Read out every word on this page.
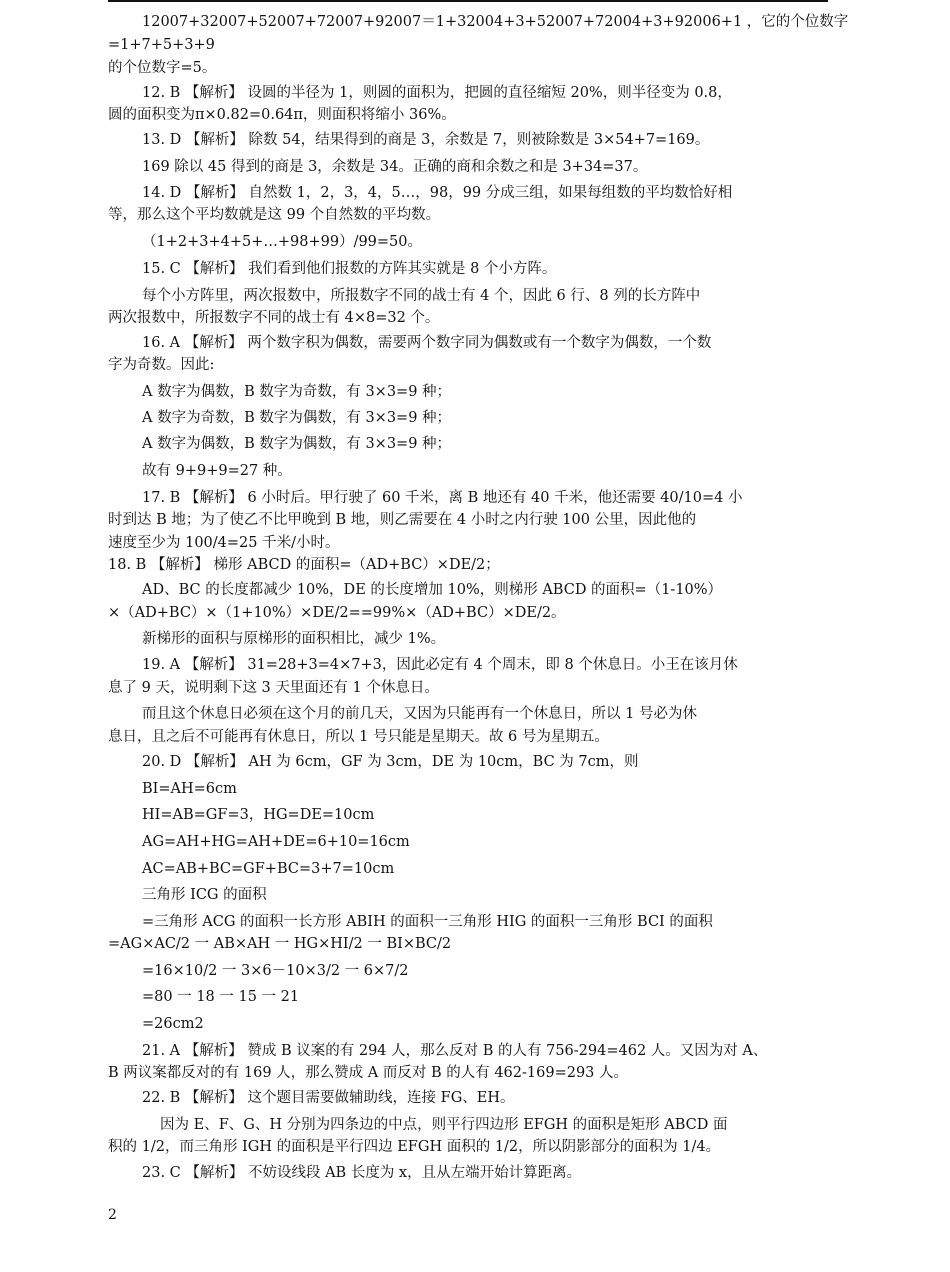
12007+32007+52007+72007+92007＝1+32004+3+52007+72004+3+92006+1 ，它的个位数字
=1+7+5+3+9
的个位数字=5。
12. B 【解析】 设圆的半径为 1，则圆的面积为，把圆的直径缩短 20%，则半径变为 0.8，
圆的面积变为π×0.82=0.64π，则面积将缩小 36%。
13. D 【解析】 除数 54，结果得到的商是 3，余数是 7，则被除数是 3×54+7=169。
169 除以 45 得到的商是 3，余数是 34。正确的商和余数之和是 3+34=37。
14. D 【解析】 自然数 1，2，3，4，5…，98，99 分成三组，如果每组数的平均数恰好相
等，那么这个平均数就是这 99 个自然数的平均数。
（1+2+3+4+5+…+98+99）/99=50。
15. C 【解析】 我们看到他们报数的方阵其实就是 8 个小方阵。
每个小方阵里，两次报数中，所报数字不同的战士有 4 个，因此 6 行、8 列的长方阵中
两次报数中，所报数字不同的战士有 4×8=32 个。
16. A 【解析】 两个数字积为偶数，需要两个数字同为偶数或有一个数字为偶数，一个数
字为奇数。因此:
A 数字为偶数，B 数字为奇数，有 3×3=9 种；
A 数字为奇数，B 数字为偶数，有 3×3=9 种；
A 数字为偶数，B 数字为偶数，有 3×3=9 种；
故有 9+9+9=27 种。
17. B 【解析】 6 小时后。甲行驶了 60 千米，离 B 地还有 40 千米，他还需要 40/10=4 小
时到达 B 地；为了使乙不比甲晚到 B 地，则乙需要在 4 小时之内行驶 100 公里，因此他的
速度至少为 100/4=25 千米/小时。
18. B 【解析】 梯形 ABCD 的面积=（AD+BC）×DE/2；
AD、BC 的长度都减少 10%，DE 的长度增加 10%，则梯形 ABCD 的面积=（1-10%）
×（AD+BC）×（1+10%）×DE/2==99%×（AD+BC）×DE/2。
新梯形的面积与原梯形的面积相比，减少 1%。
19. A 【解析】 31=28+3=4×7+3，因此必定有 4 个周末，即 8 个休息日。小王在该月休
息了 9 天，说明剩下这 3 天里面还有 1 个休息日。
而且这个休息日必须在这个月的前几天，又因为只能再有一个休息日，所以 1 号必为休
息日，且之后不可能再有休息日，所以 1 号只能是星期天。故 6 号为星期五。
20. D 【解析】 AH 为 6cm，GF 为 3cm，DE 为 10cm，BC 为 7cm，则
BI=AH=6cm
HI=AB=GF=3，HG=DE=10cm
AG=AH+HG=AH+DE=6+10=16cm
AC=AB+BC=GF+BC=3+7=10cm
三角形 ICG 的面积
=三角形 ACG 的面积一长方形 ABIH 的面积一三角形 HIG 的面积一三角形 BCI 的面积
=AG×AC/2 一 AB×AH 一 HG×HI/2 一 BI×BC/2
=16×10/2 一 3×6－10×3/2 一 6×7/2
=80 一 18 一 15 一 21
=26cm2
21. A 【解析】 赞成 B 议案的有 294 人，那么反对 B 的人有 756-294=462 人。又因为对 A、
B 两议案都反对的有 169 人，那么赞成 A 而反对 B 的人有 462-169=293 人。
22. B 【解析】 这个题目需要做辅助线，连接 FG、EH。
因为 E、F、G、H 分别为四条边的中点，则平行四边形 EFGH 的面积是矩形 ABCD 面
积的 1/2，而三角形 IGH 的面积是平行四边 EFGH 面积的 1/2，所以阴影部分的面积为 1/4。
23. C 【解析】 不妨设线段 AB 长度为 x，且从左端开始计算距离。
2
